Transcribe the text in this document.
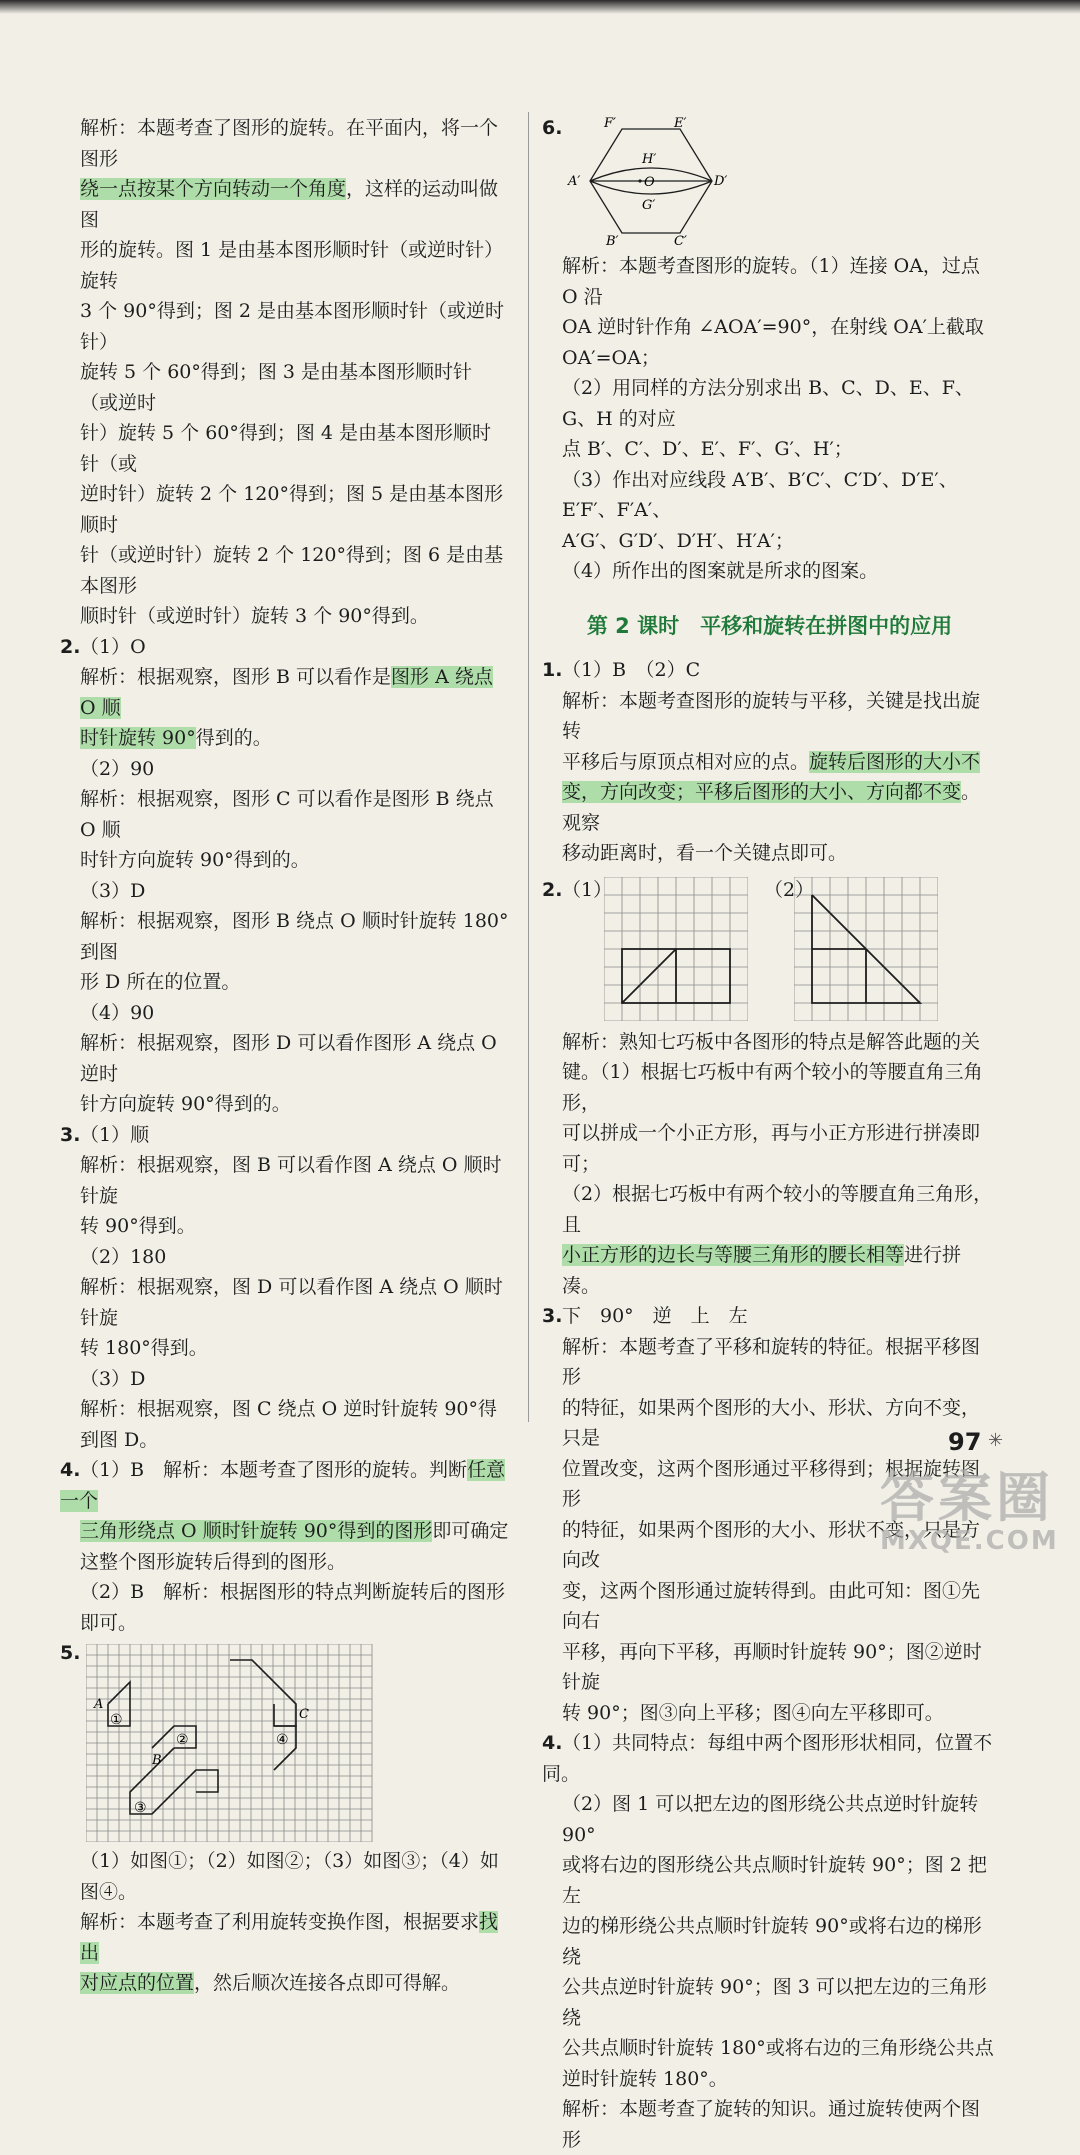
解析：本题考查了图形的旋转。在平面内，将一个图形

绕一点按某个方向转动一个角度，这样的运动叫做图

形的旋转。图 1 是由基本图形顺时针（或逆时针）旋转

3 个 90°得到；图 2 是由基本图形顺时针（或逆时针）

旋转 5 个 60°得到；图 3 是由基本图形顺时针（或逆时

针）旋转 5 个 60°得到；图 4 是由基本图形顺时针（或

逆时针）旋转 2 个 120°得到；图 5 是由基本图形顺时

针（或逆时针）旋转 2 个 120°得到；图 6 是由基本图形

顺时针（或逆时针）旋转 3 个 90°得到。

2.（1）O

解析：根据观察，图形 B 可以看作是图形 A 绕点 O 顺

时针旋转 90°得到的。

（2）90

解析：根据观察，图形 C 可以看作是图形 B 绕点 O 顺

时针方向旋转 90°得到的。

（3）D

解析：根据观察，图形 B 绕点 O 顺时针旋转 180°到图

形 D 所在的位置。

（4）90

解析：根据观察，图形 D 可以看作图形 A 绕点 O 逆时

针方向旋转 90°得到的。

3.（1）顺

解析：根据观察，图 B 可以看作图 A 绕点 O 顺时针旋

转 90°得到。

（2）180

解析：根据观察，图 D 可以看作图 A 绕点 O 顺时针旋

转 180°得到。

（3）D

解析：根据观察，图 C 绕点 O 逆时针旋转 90°得到图 D。

4.（1）B　解析：本题考查了图形的旋转。判断任意一个

三角形绕点 O 顺时针旋转 90°得到的图形即可确定

这整个图形旋转后得到的图形。

（2）B　解析：根据图形的特点判断旋转后的图形即可。

5.
A
B
C
①
②
③
④

（1）如图①；（2）如图②；（3）如图③；（4）如图④。

解析：本题考查了利用旋转变换作图，根据要求找出

对应点的位置，然后顺次连接各点即可得解。

6.	F′	E′
H′
A′	O	D′
G′
B′	C′

解析：本题考查图形的旋转。（1）连接 OA，过点 O 沿

OA 逆时针作角 ∠AOA′=90°，在射线 OA′上截取 OA′=OA；

（2）用同样的方法分别求出 B、C、D、E、F、G、H 的对应

点 B′、C′、D′、E′、F′、G′、H′；

（3）作出对应线段 A′B′、B′C′、C′D′、D′E′、E′F′、F′A′、

A′G′、G′D′、D′H′、H′A′；

（4）所作出的图案就是所求的图案。

第 2 课时　平移和旋转在拼图中的应用

1.（1）B　（2）C

解析：本题考查图形的旋转与平移，关键是找出旋转

平移后与原顶点相对应的点。旋转后图形的大小不

变，方向改变；平移后图形的大小、方向都不变。观察

移动距离时，看一个关键点即可。

2. （1）	（2）

解析：熟知七巧板中各图形的特点是解答此题的关

键。（1）根据七巧板中有两个较小的等腰直角三角形，

可以拼成一个小正方形，再与小正方形进行拼凑即可；

（2）根据七巧板中有两个较小的等腰直角三角形，且

小正方形的边长与等腰三角形的腰长相等进行拼凑。

3.下　90°　逆　上　左

解析：本题考查了平移和旋转的特征。根据平移图形

的特征，如果两个图形的大小、形状、方向不变，只是

位置改变，这两个图形通过平移得到；根据旋转图形

的特征，如果两个图形的大小、形状不变，只是方向改

变，这两个图形通过旋转得到。由此可知：图①先向右

平移，再向下平移，再顺时针旋转 90°；图②逆时针旋

转 90°；图③向上平移；图④向左平移即可。

4.（1）共同特点：每组中两个图形形状相同，位置不同。

（2）图 1 可以把左边的图形绕公共点逆时针旋转 90°

或将右边的图形绕公共点顺时针旋转 90°；图 2 把左

边的梯形绕公共点顺时针旋转 90°或将右边的梯形绕

公共点逆时针旋转 90°；图 3 可以把左边的三角形绕

公共点顺时针旋转 180°或将右边的三角形绕公共点

逆时针旋转 180°。

解析：本题考查了旋转的知识。通过旋转使两个图形

97 ✳
答案圈
MXQE.COM
